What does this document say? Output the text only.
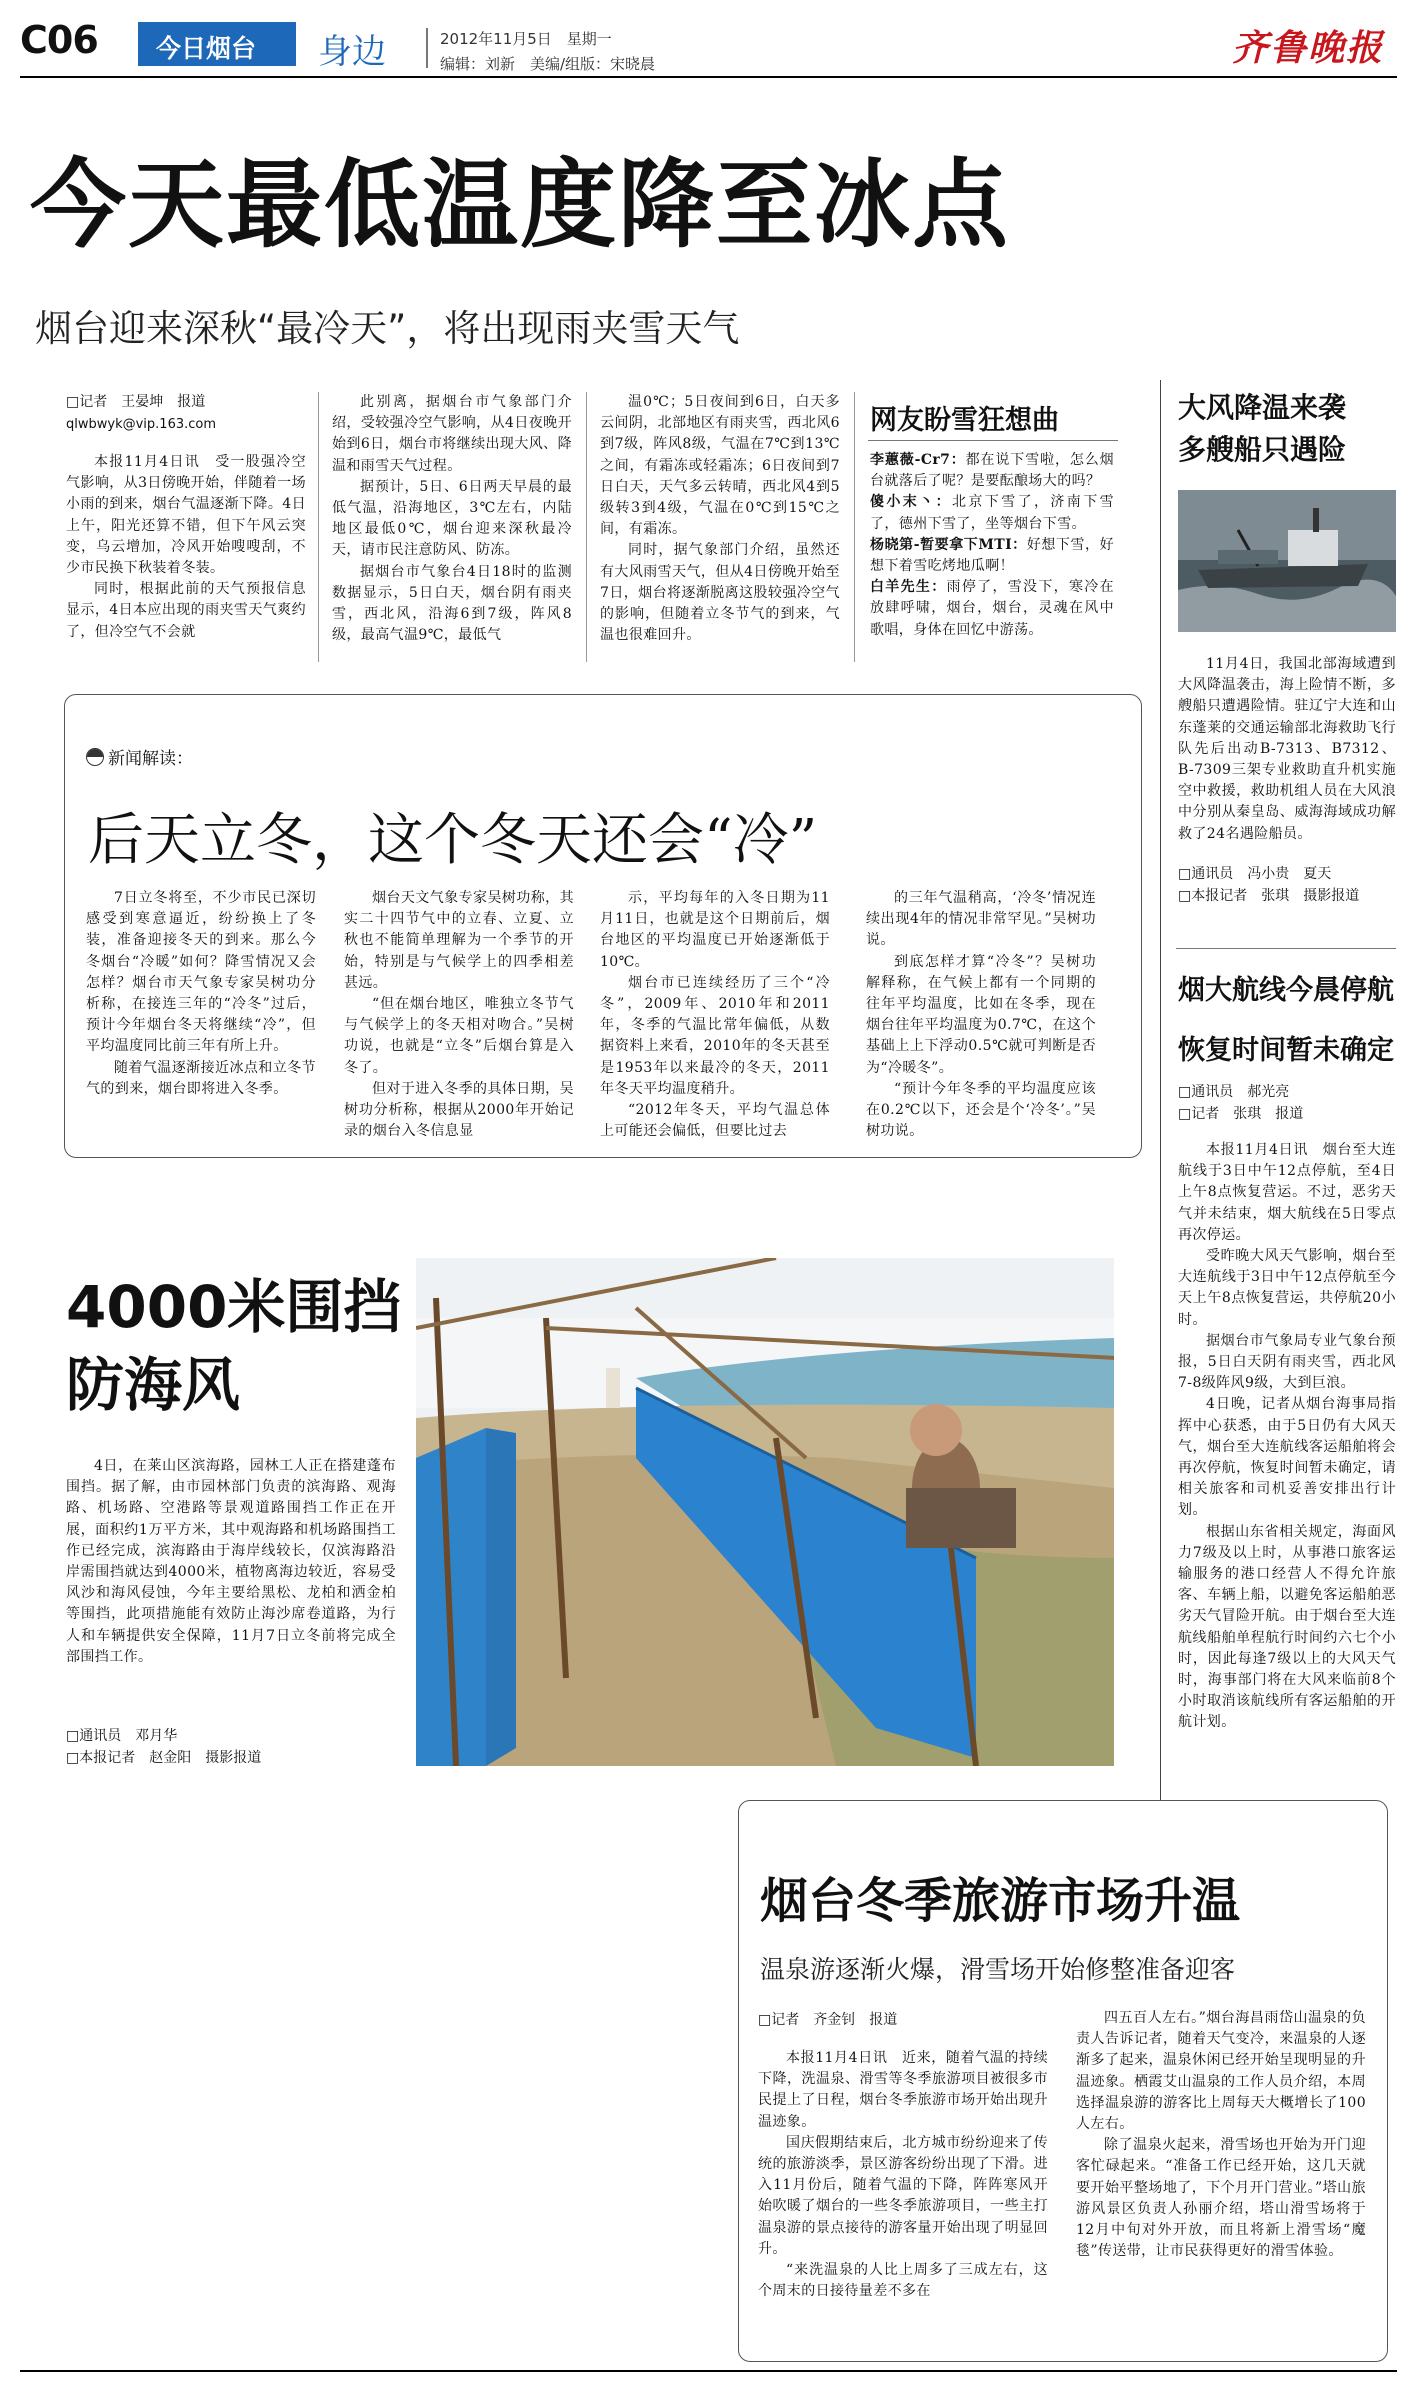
C06 今日烟台 身边	2012年11月5日　星期一
编辑：刘新　美编/组版：宋晓晨	齐鲁晚报
今天最低温度降至冰点
烟台迎来深秋“最冷天”，将出现雨夹雪天气
□记者　王晏坤　报道
qlwbwyk@vip.163.com

本报11月4日讯　受一股强冷空气影响，从3日傍晚开始，伴随着一场小雨的到来，烟台气温逐渐下降。4日上午，阳光还算不错，但下午风云突变，乌云增加，冷风开始嗖嗖刮，不少市民换下秋装着冬装。

同时，根据此前的天气预报信息显示，4日本应出现的雨夹雪天气爽约了，但冷空气不会就

此别离，据烟台市气象部门介绍，受较强冷空气影响，从4日夜晚开始到6日，烟台市将继续出现大风、降温和雨雪天气过程。

据预计，5日、6日两天早晨的最低气温，沿海地区，3℃左右，内陆地区最低0℃，烟台迎来深秋最冷天，请市民注意防风、防冻。

据烟台市气象台4日18时的监测数据显示，5日白天，烟台阴有雨夹雪，西北风，沿海6到7级，阵风8级，最高气温9℃，最低气

温0℃；5日夜间到6日，白天多云间阴，北部地区有雨夹雪，西北风6到7级，阵风8级，气温在7℃到13℃之间，有霜冻或轻霜冻；6日夜间到7日白天，天气多云转晴，西北风4到5级转3到4级，气温在0℃到15℃之间，有霜冻。

同时，据气象部门介绍，虽然还有大风雨雪天气，但从4日傍晚开始至7日，烟台将逐渐脱离这股较强冷空气的影响，但随着立冬节气的到来，气温也很难回升。

网友盼雪狂想曲
李蕙薇-Cr7：都在说下雪啦，怎么烟台就落后了呢？是要酝酿场大的吗？
傻小末丶：北京下雪了，济南下雪了，德州下雪了，坐等烟台下雪。
杨晓第-暂要拿下MTI：好想下雪，好想下着雪吃烤地瓜啊！
白羊先生：雨停了，雪没下，寒冷在放肆呼啸，烟台，烟台，灵魂在风中歌唱，身体在回忆中游荡。
大风降温来袭
多艘船只遇险

11月4日，我国北部海域遭到大风降温袭击，海上险情不断，多艘船只遭遇险情。驻辽宁大连和山东蓬莱的交通运输部北海救助飞行队先后出动B-7313、B7312、B-7309三架专业救助直升机实施空中救援，救助机组人员在大风浪中分别从秦皇岛、威海海域成功解救了24名遇险船员。

□通讯员　冯小贵　夏天
□本报记者　张琪　摄影报道
烟大航线今晨停航
恢复时间暂未确定
□通讯员　郝光亮
□记者　张琪　报道

本报11月4日讯　烟台至大连航线于3日中午12点停航，至4日上午8点恢复营运。不过，恶劣天气并未结束，烟大航线在5日零点再次停运。

受昨晚大风天气影响，烟台至大连航线于3日中午12点停航至今天上午8点恢复营运，共停航20小时。

据烟台市气象局专业气象台预报，5日白天阴有雨夹雪，西北风7-8级阵风9级，大到巨浪。

4日晚，记者从烟台海事局指挥中心获悉，由于5日仍有大风天气，烟台至大连航线客运船舶将会再次停航，恢复时间暂未确定，请相关旅客和司机妥善安排出行计划。

根据山东省相关规定，海面风力7级及以上时，从事港口旅客运输服务的港口经营人不得允许旅客、车辆上船，以避免客运船舶恶劣天气冒险开航。由于烟台至大连航线船舶单程航行时间约六七个小时，因此每逢7级以上的大风天气时，海事部门将在大风来临前8个小时取消该航线所有客运船舶的开航计划。

新闻解读：
后天立冬，这个冬天还会“冷”

7日立冬将至，不少市民已深切感受到寒意逼近，纷纷换上了冬装，准备迎接冬天的到来。那么今冬烟台“冷暖”如何？降雪情况又会怎样？烟台市天气象专家吴树功分析称，在接连三年的“冷冬”过后，预计今年烟台冬天将继续“冷”，但平均温度同比前三年有所上升。

随着气温逐渐接近冰点和立冬节气的到来，烟台即将进入冬季。

烟台天文气象专家吴树功称，其实二十四节气中的立春、立夏、立秋也不能简单理解为一个季节的开始，特别是与气候学上的四季相差甚远。

“但在烟台地区，唯独立冬节气与气候学上的冬天相对吻合。”吴树功说，也就是“立冬”后烟台算是入冬了。

但对于进入冬季的具体日期，吴树功分析称，根据从2000年开始记录的烟台入冬信息显

示，平均每年的入冬日期为11月11日，也就是这个日期前后，烟台地区的平均温度已开始逐渐低于10℃。

烟台市已连续经历了三个“冷冬”，2009年、2010年和2011年，冬季的气温比常年偏低，从数据资料上来看，2010年的冬天甚至是1953年以来最冷的冬天，2011年冬天平均温度稍升。

“2012年冬天，平均气温总体上可能还会偏低，但要比过去

的三年气温稍高，‘冷冬’情况连续出现4年的情况非常罕见。”吴树功说。

到底怎样才算“冷冬”？吴树功解释称，在气候上都有一个同期的往年平均温度，比如在冬季，现在烟台往年平均温度为0.7℃，在这个基础上上下浮动0.5℃就可判断是否为“冷暖冬”。

“预计今年冬季的平均温度应该在0.2℃以下，还会是个‘冷冬’。”吴树功说。

4000米围挡
防海风

4日，在莱山区滨海路，园林工人正在搭建蓬布围挡。据了解，由市园林部门负责的滨海路、观海路、机场路、空港路等景观道路围挡工作正在开展，面积约1万平方米，其中观海路和机场路围挡工作已经完成，滨海路由于海岸线较长，仅滨海路沿岸需围挡就达到4000米，植物离海边较近，容易受风沙和海风侵蚀，今年主要给黑松、龙柏和洒金柏等围挡，此项措施能有效防止海沙席卷道路，为行人和车辆提供安全保障，11月7日立冬前将完成全部围挡工作。

□通讯员　邓月华
□本报记者　赵金阳　摄影报道
烟台冬季旅游市场升温
温泉游逐渐火爆，滑雪场开始修整准备迎客
□记者　齐金钊　报道

本报11月4日讯　近来，随着气温的持续下降，洗温泉、滑雪等冬季旅游项目被很多市民提上了日程，烟台冬季旅游市场开始出现升温迹象。

国庆假期结束后，北方城市纷纷迎来了传统的旅游淡季，景区游客纷纷出现了下滑。进入11月份后，随着气温的下降，阵阵寒风开始吹暖了烟台的一些冬季旅游项目，一些主打温泉游的景点接待的游客量开始出现了明显回升。

“来洗温泉的人比上周多了三成左右，这个周末的日接待量差不多在

四五百人左右。”烟台海昌雨岱山温泉的负责人告诉记者，随着天气变冷，来温泉的人逐渐多了起来，温泉休闲已经开始呈现明显的升温迹象。栖霞艾山温泉的工作人员介绍，本周选择温泉游的游客比上周每天大概增长了100人左右。

除了温泉火起来，滑雪场也开始为开门迎客忙碌起来。“准备工作已经开始，这几天就要开始平整场地了，下个月开门营业。”塔山旅游风景区负责人孙丽介绍，塔山滑雪场将于12月中旬对外开放，而且将新上滑雪场“魔毯”传送带，让市民获得更好的滑雪体验。
